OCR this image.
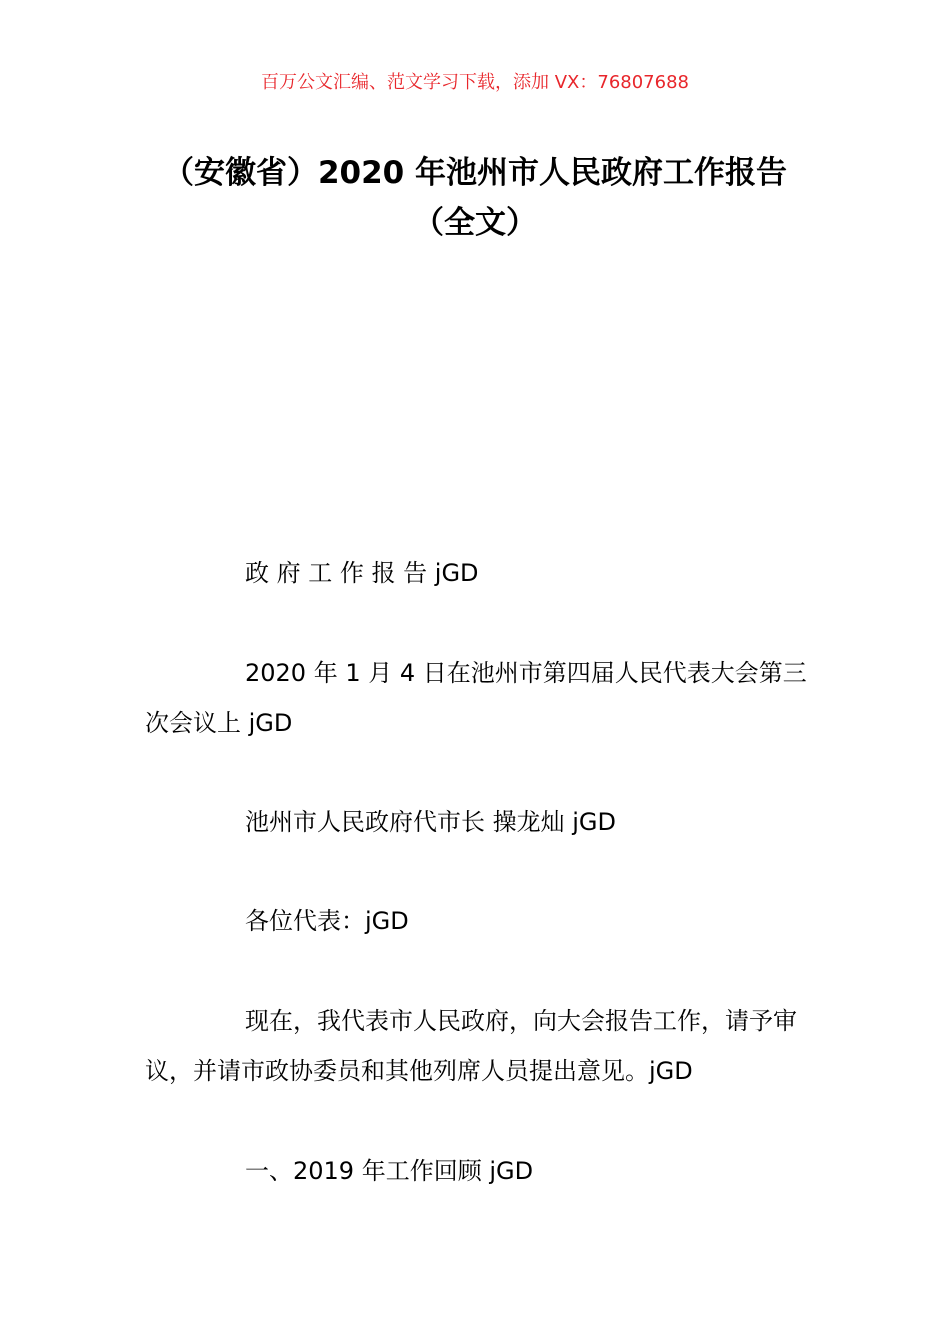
百万公文汇编、范文学习下载，添加 VX：76807688
（安徽省）2020 年池州市人民政府工作报告（全文）
政 府 工 作 报 告 jGD
2020 年 1 月 4 日在池州市第四届人民代表大会第三次会议上 jGD
池州市人民政府代市长 操龙灿 jGD
各位代表：jGD
现在，我代表市人民政府，向大会报告工作，请予审议，并请市政协委员和其他列席人员提出意见。jGD
一、2019 年工作回顾 jGD
